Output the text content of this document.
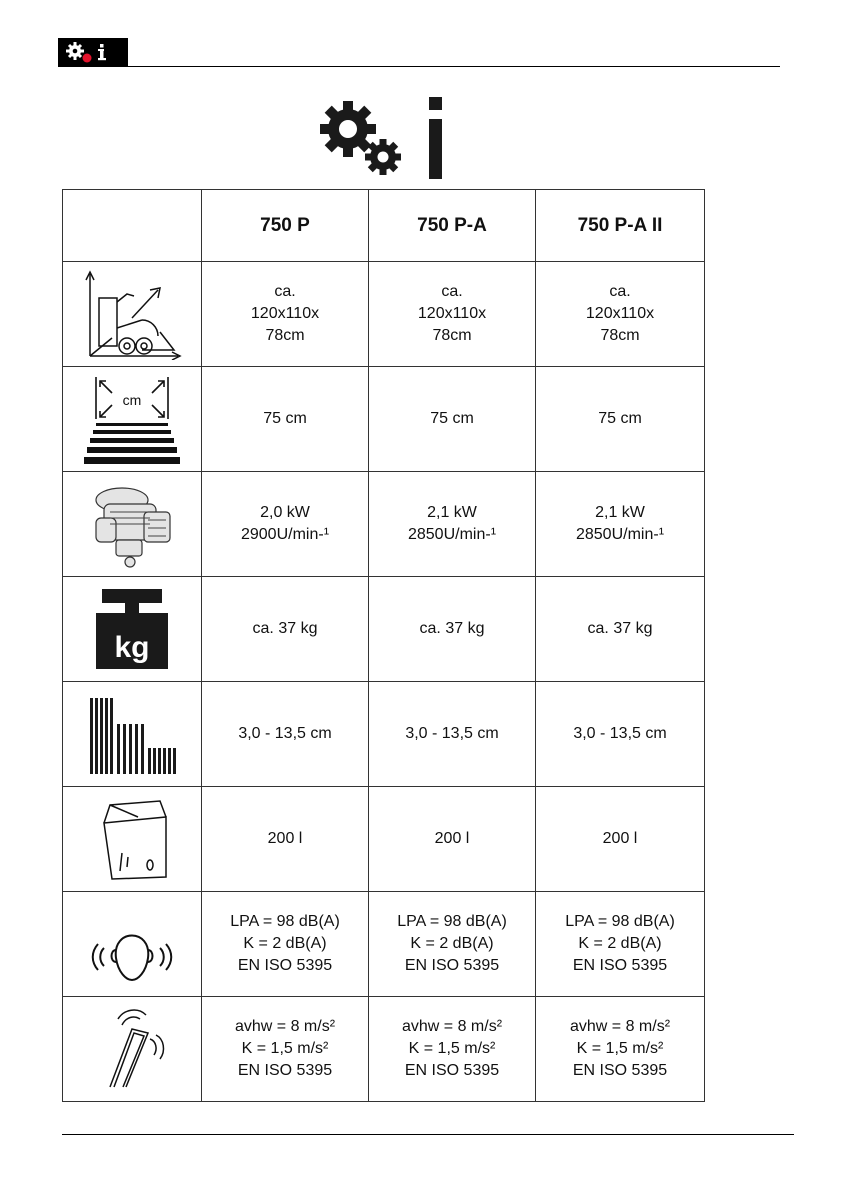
	750 P	750 P-A	750 P-A II

ca.
120x110x
78cm	ca.
120x110x
78cm	ca.
120x110x
78cm

cm	75 cm	75 cm	75 cm

2,0 kW
2900U/min-¹	2,1 kW
2850U/min-¹	2,1 kW
2850U/min-¹

kg	ca. 37 kg	ca. 37 kg	ca. 37 kg

	3,0 - 13,5 cm	3,0 - 13,5 cm	3,0 - 13,5 cm

	200 l	200 l	200 l

LPA = 98 dB(A)
K = 2 dB(A)
EN ISO 5395	LPA = 98 dB(A)
K = 2 dB(A)
EN ISO 5395	LPA = 98 dB(A)
K = 2 dB(A)
EN ISO 5395

avhw = 8 m/s²
K = 1,5 m/s²
EN ISO 5395	avhw = 8 m/s²
K = 1,5 m/s²
EN ISO 5395	avhw = 8 m/s²
K = 1,5 m/s²
EN ISO 5395
